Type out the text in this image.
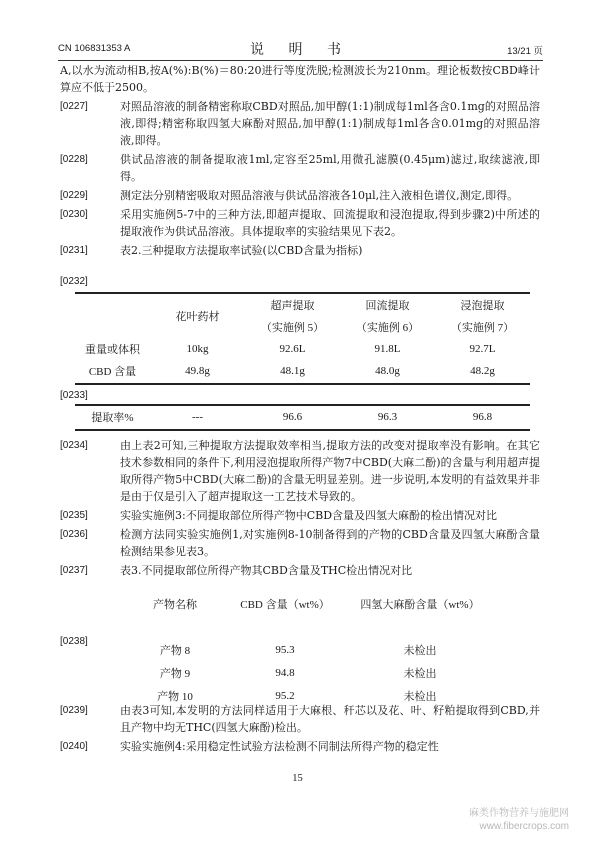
CN 106831353 A	说 明 书	13/21 页
A,以水为流动相B,按A(%):B(%)＝80:20进行等度洗脱;检测波长为210nm。理论板数按CBD峰计算应不低于2500。
[0227]	对照品溶液的制备精密称取CBD对照品,加甲醇(1:1)制成每1ml各含0.1mg的对照品溶液,即得;精密称取四氢大麻酚对照品,加甲醇(1:1)制成每1ml各含0.01mg的对照品溶液,即得。
[0228]	供试品溶液的制备提取液1ml,定容至25ml,用微孔滤膜(0.45μm)滤过,取续滤液,即得。
[0229]	测定法分别精密吸取对照品溶液与供试品溶液各10μl,注入液相色谱仪,测定,即得。
[0230]	采用实施例5-7中的三种方法,即超声提取、回流提取和浸泡提取,得到步骤2)中所述的提取液作为供试品溶液。具体提取率的实验结果见下表2。
[0231]	表2.三种提取方法提取率试验(以CBD含量为指标)
[0232]
	花叶药材	超声提取	回流提取	浸泡提取
		（实施例 5）	（实施例 6）	（实施例 7）
重量或体积	10kg	92.6L	91.8L	92.7L
CBD 含量	49.8g	48.1g	48.0g	48.2g
[0233]
提取率%	---	96.6	96.3	96.8
[0234]	由上表2可知,三种提取方法提取效率相当,提取方法的改变对提取率没有影响。在其它技术参数相同的条件下,利用浸泡提取所得产物7中CBD(大麻二酚)的含量与利用超声提取所得产物5中CBD(大麻二酚)的含量无明显差别。进一步说明,本发明的有益效果并非是由于仅是引入了超声提取这一工艺技术导致的。
[0235]	实验实施例3:不同提取部位所得产物中CBD含量及四氢大麻酚的检出情况对比
[0236]	检测方法同实验实施例1,对实施例8-10制备得到的产物的CBD含量及四氢大麻酚含量检测结果参见表3。
[0237]	表3.不同提取部位所得产物其CBD含量及THC检出情况对比
产物名称	CBD 含量（wt%）	四氢大麻酚含量（wt%）

产物 8	95.3	未检出
产物 9	94.8	未检出
产物 10	95.2	未检出
[0238]
[0239]	由表3可知,本发明的方法同样适用于大麻根、秆芯以及花、叶、籽粕提取得到CBD,并且产物中均无THC(四氢大麻酚)检出。
[0240]	实验实施例4:采用稳定性试验方法检测不同制法所得产物的稳定性
15
麻类作物营养与施肥网
www.fibercrops.com
